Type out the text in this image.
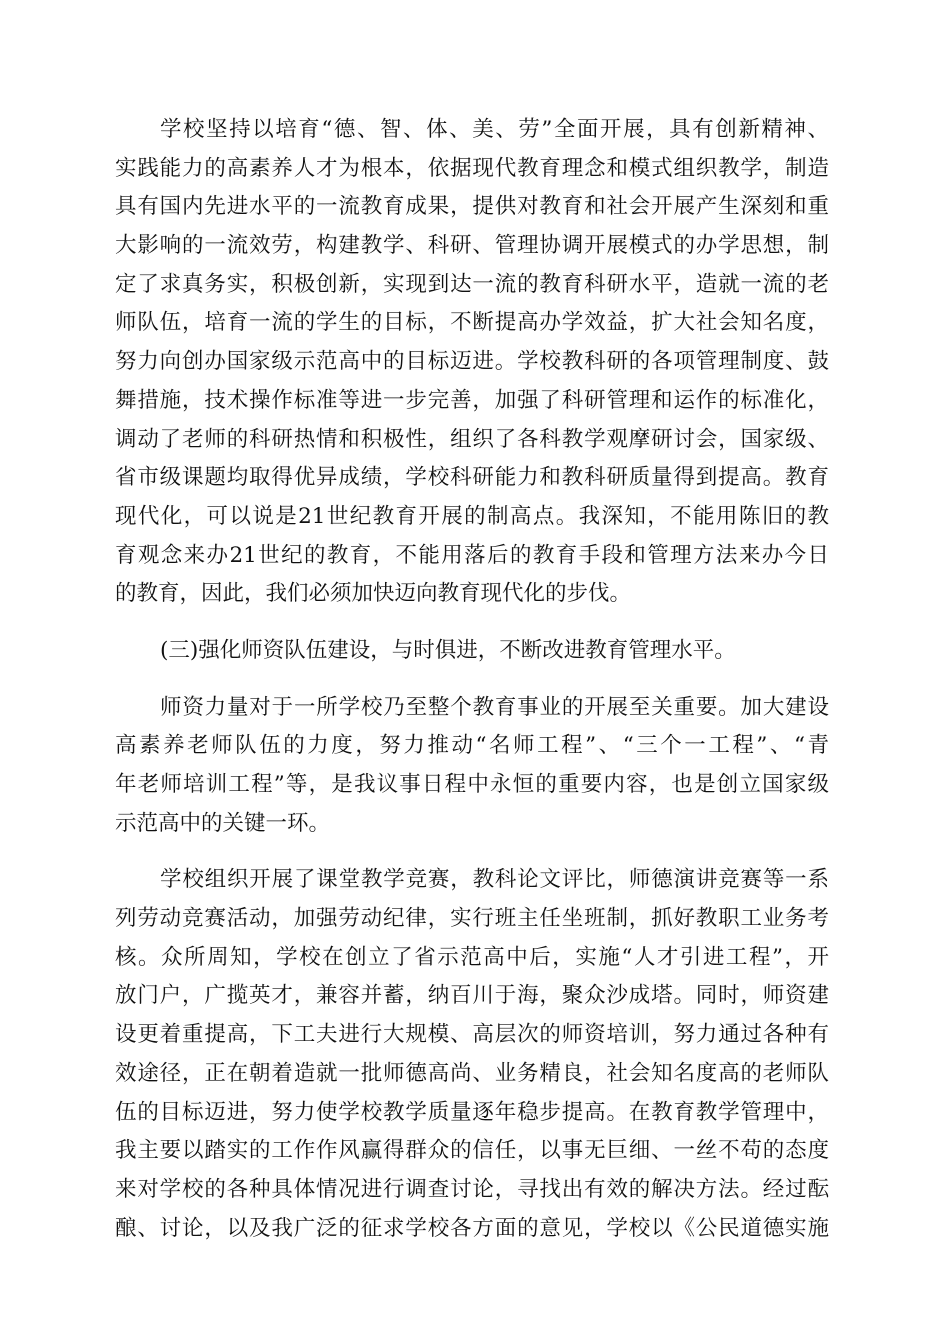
学校坚持以培育“德、智、体、美、劳”全面开展，具有创新精神、
实践能力的高素养人才为根本，依据现代教育理念和模式组织教学，制造
具有国内先进水平的一流教育成果，提供对教育和社会开展产生深刻和重
大影响的一流效劳，构建教学、科研、管理协调开展模式的办学思想，制
定了求真务实，积极创新，实现到达一流的教育科研水平，造就一流的老
师队伍，培育一流的学生的目标，不断提高办学效益，扩大社会知名度，
努力向创办国家级示范高中的目标迈进。学校教科研的各项管理制度、鼓
舞措施，技术操作标准等进一步完善，加强了科研管理和运作的标准化，
调动了老师的科研热情和积极性，组织了各科教学观摩研讨会，国家级、
省市级课题均取得优异成绩，学校科研能力和教科研质量得到提高。教育
现代化，可以说是21世纪教育开展的制高点。我深知，不能用陈旧的教
育观念来办21世纪的教育，不能用落后的教育手段和管理方法来办今日
的教育，因此，我们必须加快迈向教育现代化的步伐。
(三)强化师资队伍建设，与时俱进，不断改进教育管理水平。
师资力量对于一所学校乃至整个教育事业的开展至关重要。加大建设
高素养老师队伍的力度，努力推动“名师工程”、“三个一工程”、“青
年老师培训工程”等，是我议事日程中永恒的重要内容，也是创立国家级
示范高中的关键一环。
学校组织开展了课堂教学竞赛，教科论文评比，师德演讲竞赛等一系
列劳动竞赛活动，加强劳动纪律，实行班主任坐班制，抓好教职工业务考
核。众所周知，学校在创立了省示范高中后，实施“人才引进工程”，开
放门户，广揽英才，兼容并蓄，纳百川于海，聚众沙成塔。同时，师资建
设更着重提高，下工夫进行大规模、高层次的师资培训，努力通过各种有
效途径，正在朝着造就一批师德高尚、业务精良，社会知名度高的老师队
伍的目标迈进，努力使学校教学质量逐年稳步提高。在教育教学管理中，
我主要以踏实的工作作风赢得群众的信任，以事无巨细、一丝不苟的态度
来对学校的各种具体情况进行调查讨论，寻找出有效的解决方法。经过酝
酿、讨论，以及我广泛的征求学校各方面的意见，学校以《公民道德实施
